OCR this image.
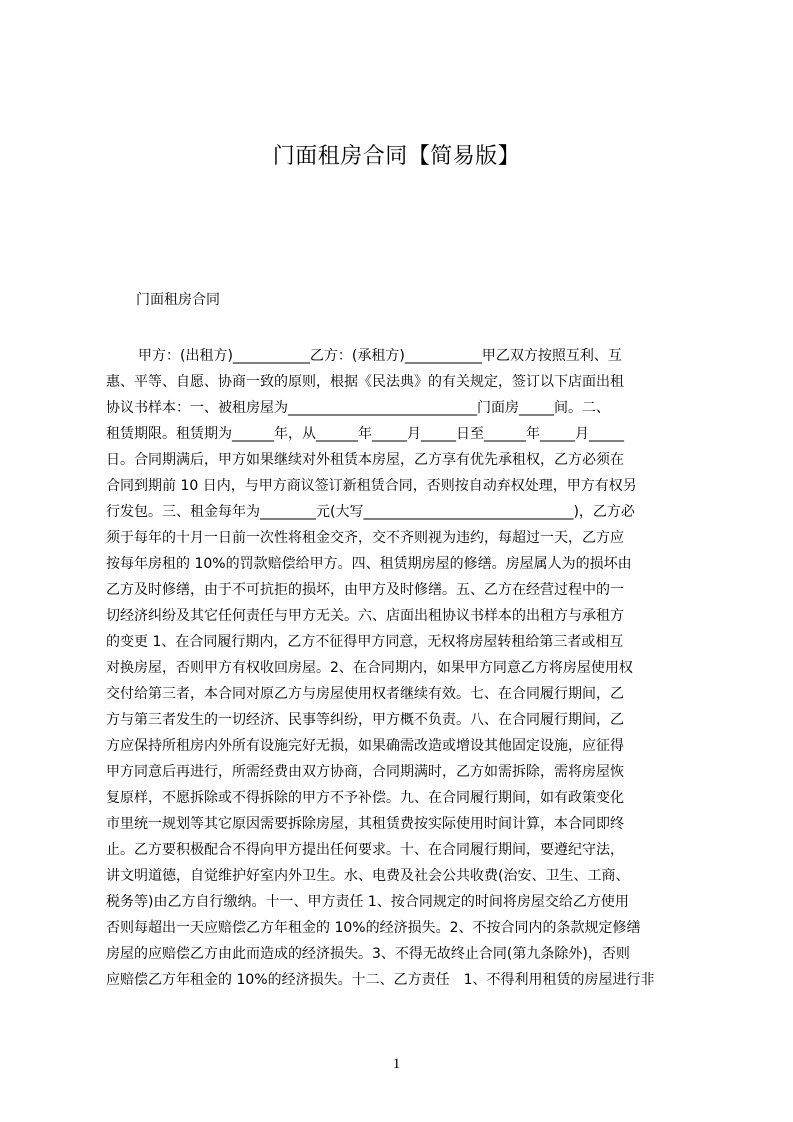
门面租房合同【简易版】
门面租房合同
甲方：(出租方)___________乙方：(承租方)___________甲乙双方按照互利、互
惠、平等、自愿、协商一致的原则，根据《民法典》的有关规定，签订以下店面出租
协议书样本：一、被租房屋为___________________________门面房_____间。二、
租赁期限。租赁期为______年，从______年_____月_____日至______年_____月_____
日。合同期满后，甲方如果继续对外租赁本房屋，乙方享有优先承租权，乙方必须在
合同到期前 10 日内，与甲方商议签订新租赁合同，否则按自动弃权处理，甲方有权另
行发包。三、租金每年为________元(大写______________________________)，乙方必
须于每年的十月一日前一次性将租金交齐，交不齐则视为违约，每超过一天，乙方应
按每年房租的 10%的罚款赔偿给甲方。四、租赁期房屋的修缮。房屋属人为的损坏由
乙方及时修缮，由于不可抗拒的损坏，由甲方及时修缮。五、乙方在经营过程中的一
切经济纠纷及其它任何责任与甲方无关。六、店面出租协议书样本的出租方与承租方
的变更 1、在合同履行期内，乙方不征得甲方同意，无权将房屋转租给第三者或相互
对换房屋，否则甲方有权收回房屋。2、在合同期内，如果甲方同意乙方将房屋使用权
交付给第三者，本合同对原乙方与房屋使用权者继续有效。七、在合同履行期间，乙
方与第三者发生的一切经济、民事等纠纷，甲方概不负责。八、在合同履行期间，乙
方应保持所租房内外所有设施完好无损，如果确需改造或增设其他固定设施，应征得
甲方同意后再进行，所需经费由双方协商，合同期满时，乙方如需拆除，需将房屋恢
复原样，不愿拆除或不得拆除的甲方不予补偿。九、在合同履行期间，如有政策变化
市里统一规划等其它原因需要拆除房屋，其租赁费按实际使用时间计算，本合同即终
止。乙方要积极配合不得向甲方提出任何要求。十、在合同履行期间，要遵纪守法，
讲文明道德，自觉维护好室内外卫生。水、电费及社会公共收费(治安、卫生、工商、
税务等)由乙方自行缴纳。十一、甲方责任 1、按合同规定的时间将房屋交给乙方使用
否则每超出一天应赔偿乙方年租金的 10%的经济损失。2、不按合同内的条款规定修缮
房屋的应赔偿乙方由此而造成的经济损失。3、不得无故终止合同(第九条除外)，否则
应赔偿乙方年租金的 10%的经济损失。十二、乙方责任　1、不得利用租赁的房屋进行非
1
